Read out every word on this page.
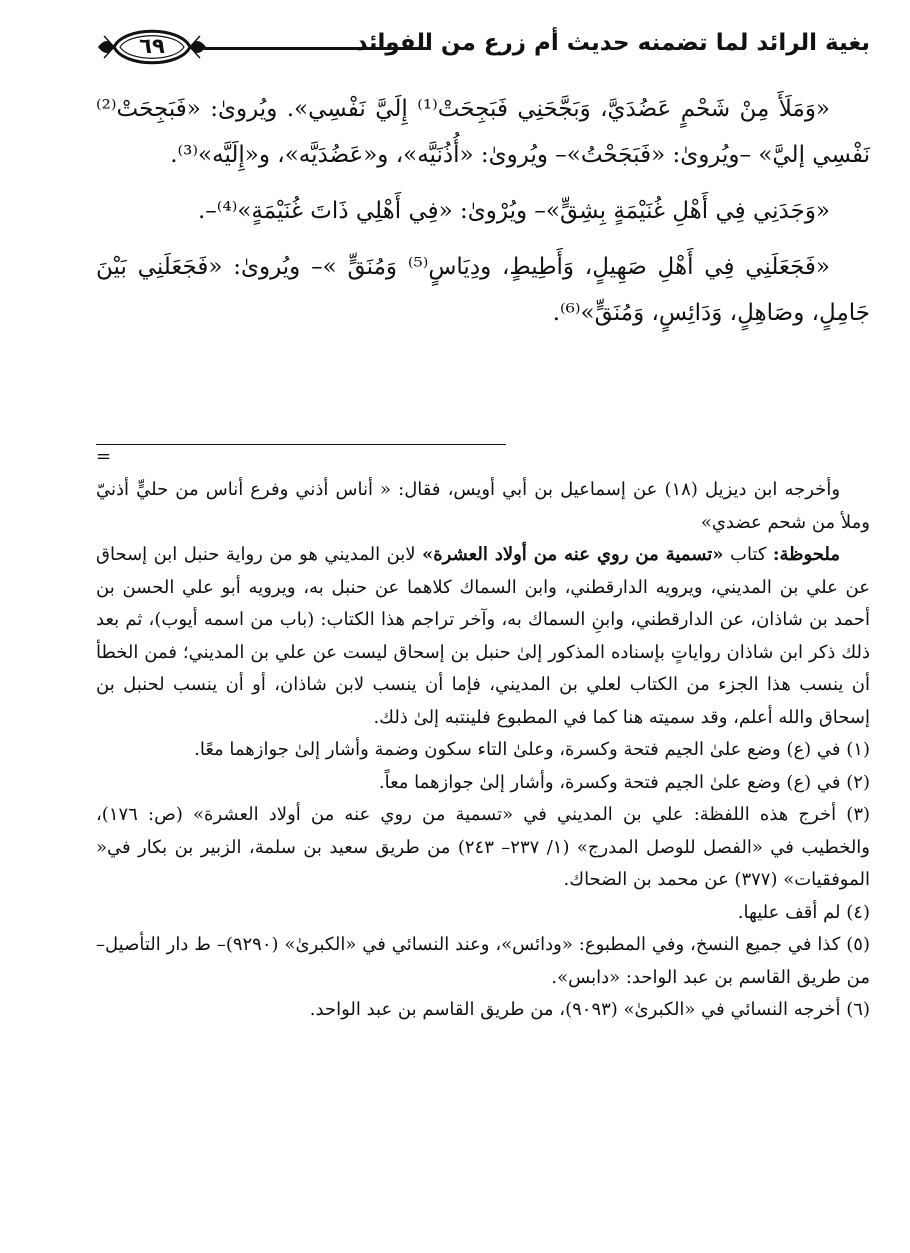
بغية الرائد لما تضمنه حديث أم زرع من الفوائد
٦٩

«وَمَلَأَ مِنْ شَحْمٍ عَضُدَيَّ، وَبَجَّحَنِي فَبَجِحَتْ⁽¹⁾ إِلَيَّ نَفْسِي». ويُروىٰ: «فَبَجِحَتْ⁽²⁾ نَفْسِي إليَّ» –ويُروىٰ: «فَبَجَحْتُ»– ويُروىٰ: «أُذُنَيَّه»، و«عَضُدَيَّه»، و«إِلَيَّه»⁽³⁾.

«وَجَدَنِي فِي أَهْلِ غُنَيْمَةٍ بِشِقٍّ»– ويُرْوىٰ: «فِي أَهْلِي ذَاتَ غُنَيْمَةٍ»⁽⁴⁾–.

«فَجَعَلَنِي فِي أَهْلِ صَهِيلٍ، وَأَطِيطٍ، ودِيَاسٍ⁽⁵⁾ وَمُنَقٍّ »– ويُروىٰ: «فَجَعَلَنِي بَيْنَ جَامِلٍ، وصَاهِلٍ، وَدَائِسٍ، وَمُنَقٍّ»⁽⁶⁾.

=

وأخرجه ابن ديزيل (١٨) عن إسماعيل بن أبي أويس، فقال: « أناس أذني وفرع أناس من حليٍّ أذنيّ وملأ من شحم عضدي»

ملحوظة: كتاب «تسمية من روي عنه من أولاد العشرة» لابن المديني هو من رواية حنبل ابن إسحاق عن علي بن المديني، ويرويه الدارقطني، وابن السماك كلاهما عن حنبل به، ويرويه أبو علي الحسن بن أحمد بن شاذان، عن الدارقطني، وابنِ السماك به، وآخر تراجم هذا الكتاب: (باب من اسمه أيوب)، ثم بعد ذلك ذكر ابن شاذان رواياتٍ بإسناده المذكور إلىٰ حنبل بن إسحاق ليست عن علي بن المديني؛ فمن الخطأ أن ينسب هذا الجزء من الكتاب لعلي بن المديني، فإما أن ينسب لابن شاذان، أو أن ينسب لحنبل بن إسحاق والله أعلم، وقد سميته هنا كما في المطبوع فلينتبه إلىٰ ذلك.

(١) في (ع) وضع علىٰ الجيم فتحة وكسرة، وعلىٰ التاء سكون وضمة وأشار إلىٰ جوازهما معًا.

(٢) في (ع) وضع علىٰ الجيم فتحة وكسرة، وأشار إلىٰ جوازهما معاً.

(٣) أخرج هذه اللفظة: علي بن المديني في «تسمية من روي عنه من أولاد العشرة» (ص: ١٧٦)، والخطيب في «الفصل للوصل المدرج» (١/ ٢٣٧– ٢٤٣) من طريق سعيد بن سلمة، الزبير بن بكار في« الموفقيات» (٣٧٧) عن محمد بن الضحاك.

(٤) لم أقف عليها.

(٥) كذا في جميع النسخ، وفي المطبوع: «ودائس»، وعند النسائي في «الكبرىٰ» (٩٢٩٠)– ط دار التأصيل– من طريق القاسم بن عبد الواحد: «دابس».

(٦) أخرجه النسائي في «الكبرىٰ» (٩٠٩٣)، من طريق القاسم بن عبد الواحد.
